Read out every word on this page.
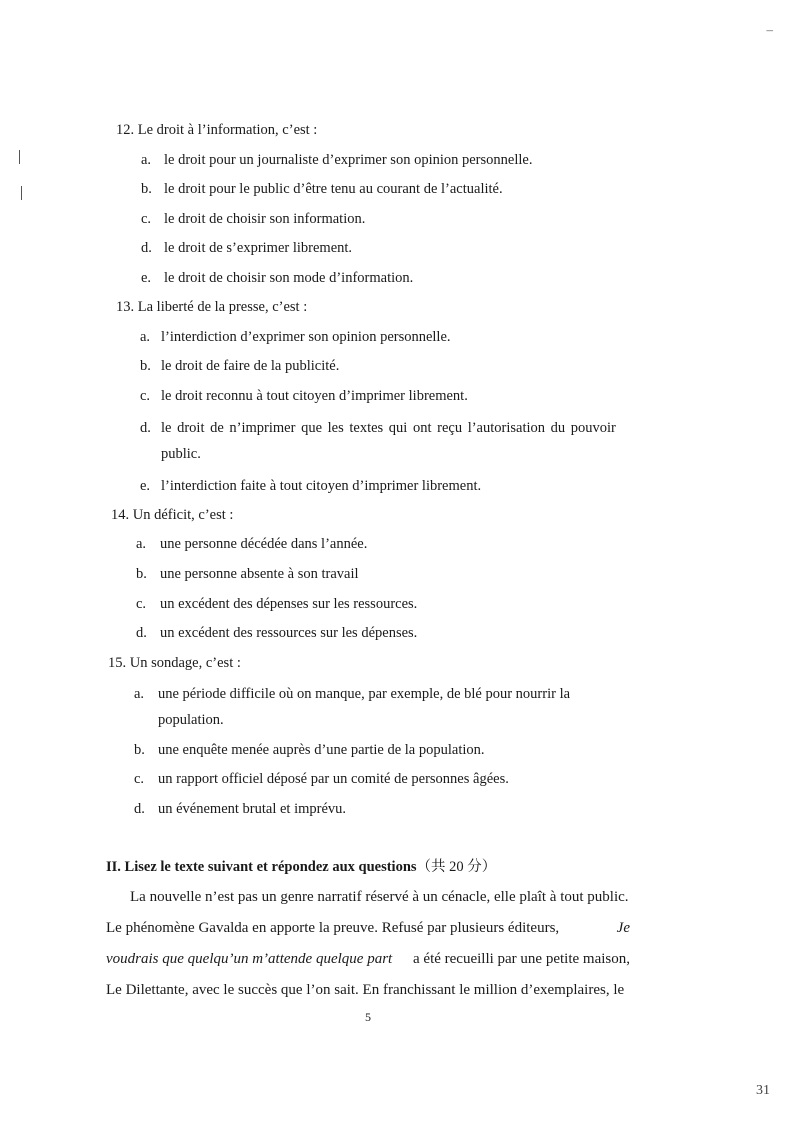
–
12. Le droit à l’information, c’est :
a. le droit pour un journaliste d’exprimer son opinion personnelle.
b. le droit pour le public d’être tenu au courant de l’actualité.
c. le droit de choisir son information.
d. le droit de s’exprimer librement.
e. le droit de choisir son mode d’information.
13. La liberté de la presse, c’est :
a. l’interdiction d’exprimer son opinion personnelle.
b. le droit de faire de la publicité.
c. le droit reconnu à tout citoyen d’imprimer librement.
d. le droit de n’imprimer que les textes qui ont reçu l’autorisation du pouvoir
public.
e. l’interdiction faite à tout citoyen d’imprimer librement.
14. Un déficit, c’est :
a. une personne décédée dans l’année.
b. une personne absente à son travail
c. un excédent des dépenses sur les ressources.
d. un excédent des ressources sur les dépenses.
15. Un sondage, c’est :
a. une période difficile où on manque, par exemple, de blé pour nourrir la
population.
b. une enquête menée auprès d’une partie de la population.
c. un rapport officiel déposé par un comité de personnes âgées.
d. un événement brutal et imprévu.
II. Lisez le texte suivant et répondez aux questions（共 20 分）
La nouvelle n’est pas un genre narratif réservé à un cénacle, elle plaît à tout public.
Le phénomène Gavalda en apporte la preuve. Refusé par plusieurs éditeurs,	Je
voudrais que quelqu’un m’attende quelque part a été recueilli par une petite maison,
Le Dilettante, avec le succès que l’on sait. En franchissant le million d’exemplaires, le
5
31
